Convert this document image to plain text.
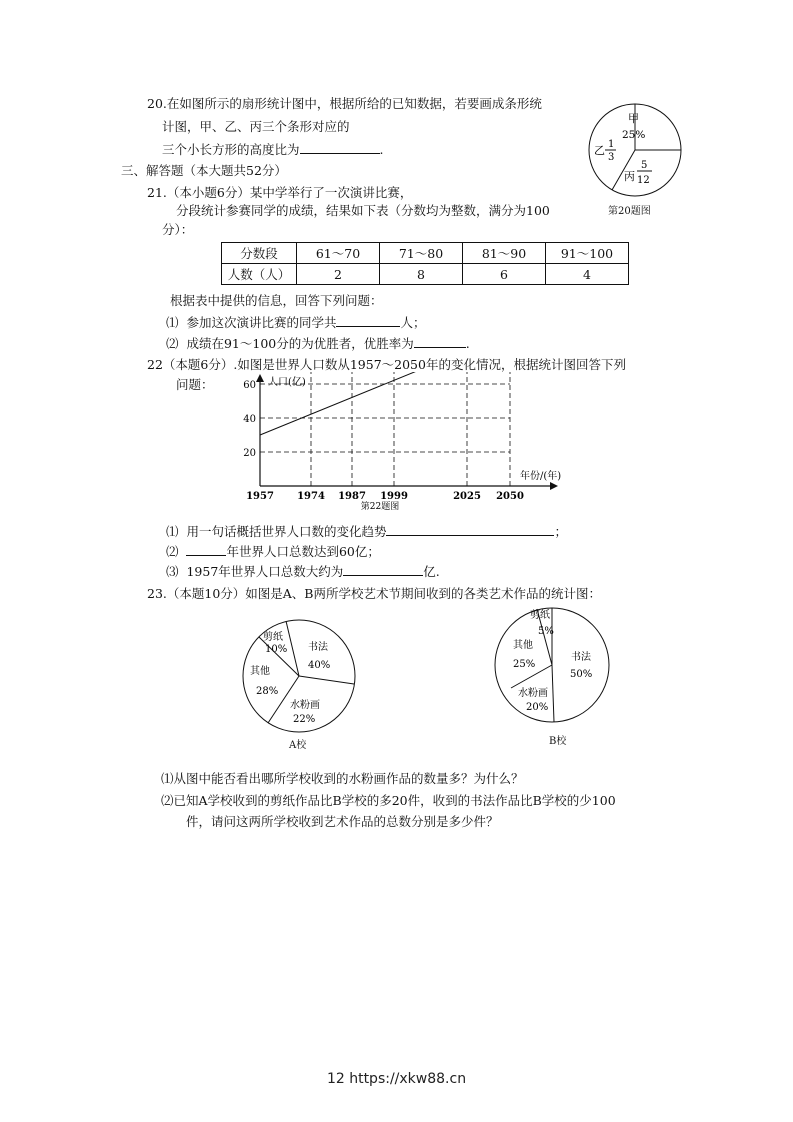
20.在如图所示的扇形统计图中，根据所给的已知数据，若要画成条形统
计图，甲、乙、丙三个条形对应的
三个小长方形的高度比为	.
甲
25%
乙 1
3
丙
5
12
第20题图
三、解答题（本大题共52分）
21.（本小题6分）某中学举行了一次演讲比赛，
分段统计参赛同学的成绩，结果如下表（分数均为整数，满分为100
分）：
分数段	61～70	71～80	81～90	91～100
人数（人）	2	8	6	4
根据表中提供的信息，回答下列问题：
⑴ 参加这次演讲比赛的同学共	人；
⑵ 成绩在91～100分的为优胜者，优胜率为	.
22（本题6分）.如图是世界人口数从1957～2050年的变化情况，根据统计图回答下列
问题：
20
40
60
1957 1974 1987 1999	2025 2050
人口(亿)
年份/(年)
第22题图
⑴ 用一句话概括世界人口数的变化趋势	；
⑵	年世界人口总数达到60亿；
⑶ 1957年世界人口总数大约为	亿.
23.（本题10分）如图是A、B两所学校艺术节期间收到的各类艺术作品的统计图：
书法
40%
水粉画
22%
其他
28%
剪纸
10%
A校
剪纸
5%
书法
50%
其他
25%
水粉画
20%
B校
⑴从图中能否看出哪所学校收到的水粉画作品的数量多？为什么？
⑵已知A学校收到的剪纸作品比B学校的多20件，收到的书法作品比B学校的少100
件，请问这两所学校收到艺术作品的总数分别是多少件？
12 https://xkw88.cn
